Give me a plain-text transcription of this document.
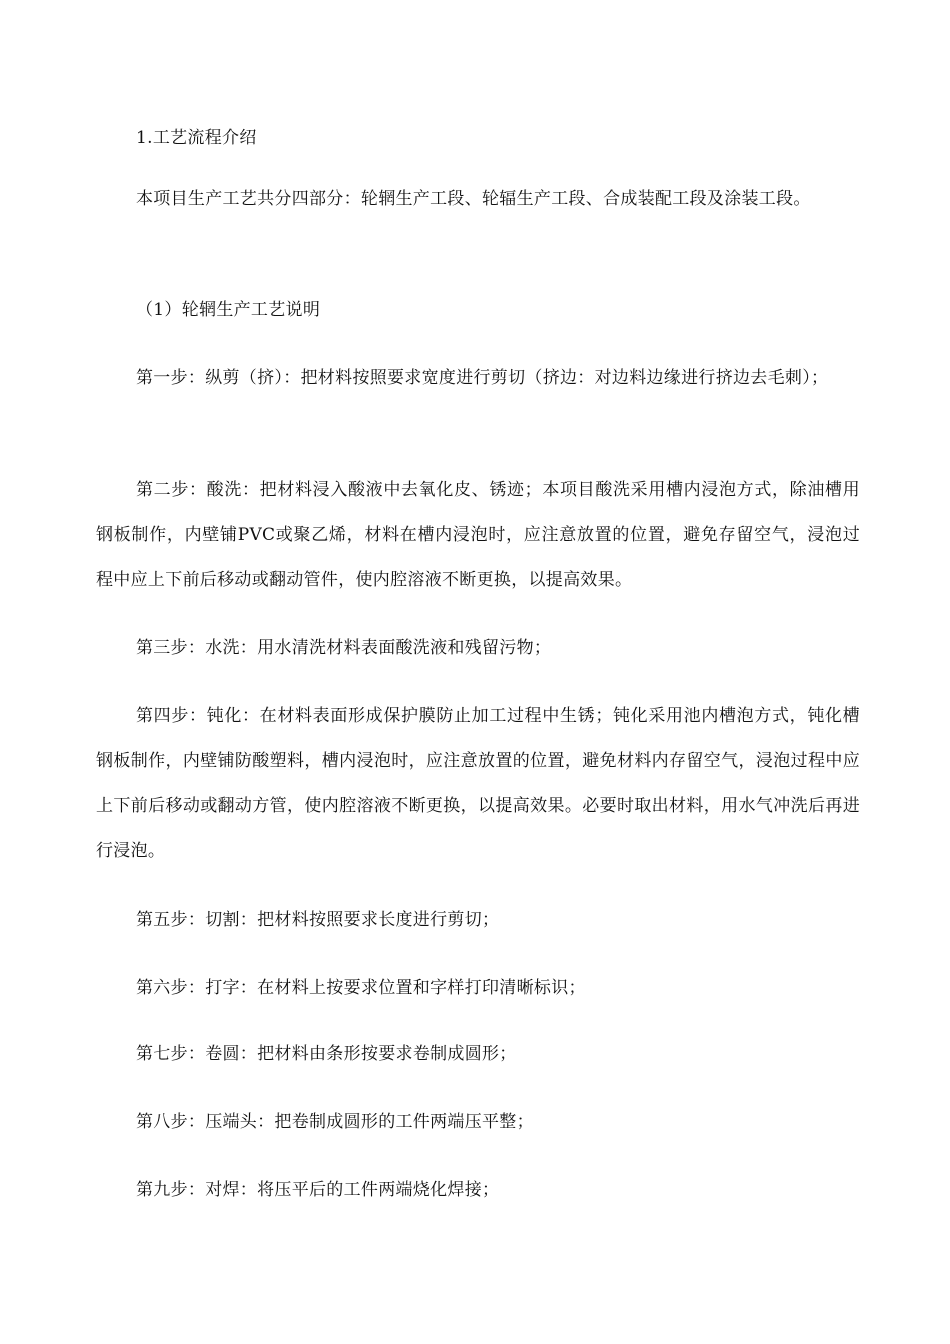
1.工艺流程介绍

本项目生产工艺共分四部分：轮辋生产工段、轮辐生产工段、合成装配工段及涂装工段。

（1）轮辋生产工艺说明

第一步：纵剪（挤）：把材料按照要求宽度进行剪切（挤边：对边料边缘进行挤边去毛刺）；

第二步：酸洗：把材料浸入酸液中去氧化皮、锈迹；本项目酸洗采用槽内浸泡方式，除油槽用钢板制作，内壁铺PVC或聚乙烯，材料在槽内浸泡时，应注意放置的位置，避免存留空气，浸泡过程中应上下前后移动或翻动管件，使内腔溶液不断更换，以提高效果。

第三步：水洗：用水清洗材料表面酸洗液和残留污物；

第四步：钝化：在材料表面形成保护膜防止加工过程中生锈；钝化采用池内槽泡方式，钝化槽钢板制作，内壁铺防酸塑料，槽内浸泡时，应注意放置的位置，避免材料内存留空气，浸泡过程中应上下前后移动或翻动方管，使内腔溶液不断更换，以提高效果。必要时取出材料，用水气冲洗后再进行浸泡。

第五步：切割：把材料按照要求长度进行剪切；

第六步：打字：在材料上按要求位置和字样打印清晰标识；

第七步：卷圆：把材料由条形按要求卷制成圆形；

第八步：压端头：把卷制成圆形的工件两端压平整；

第九步：对焊：将压平后的工件两端烧化焊接；
